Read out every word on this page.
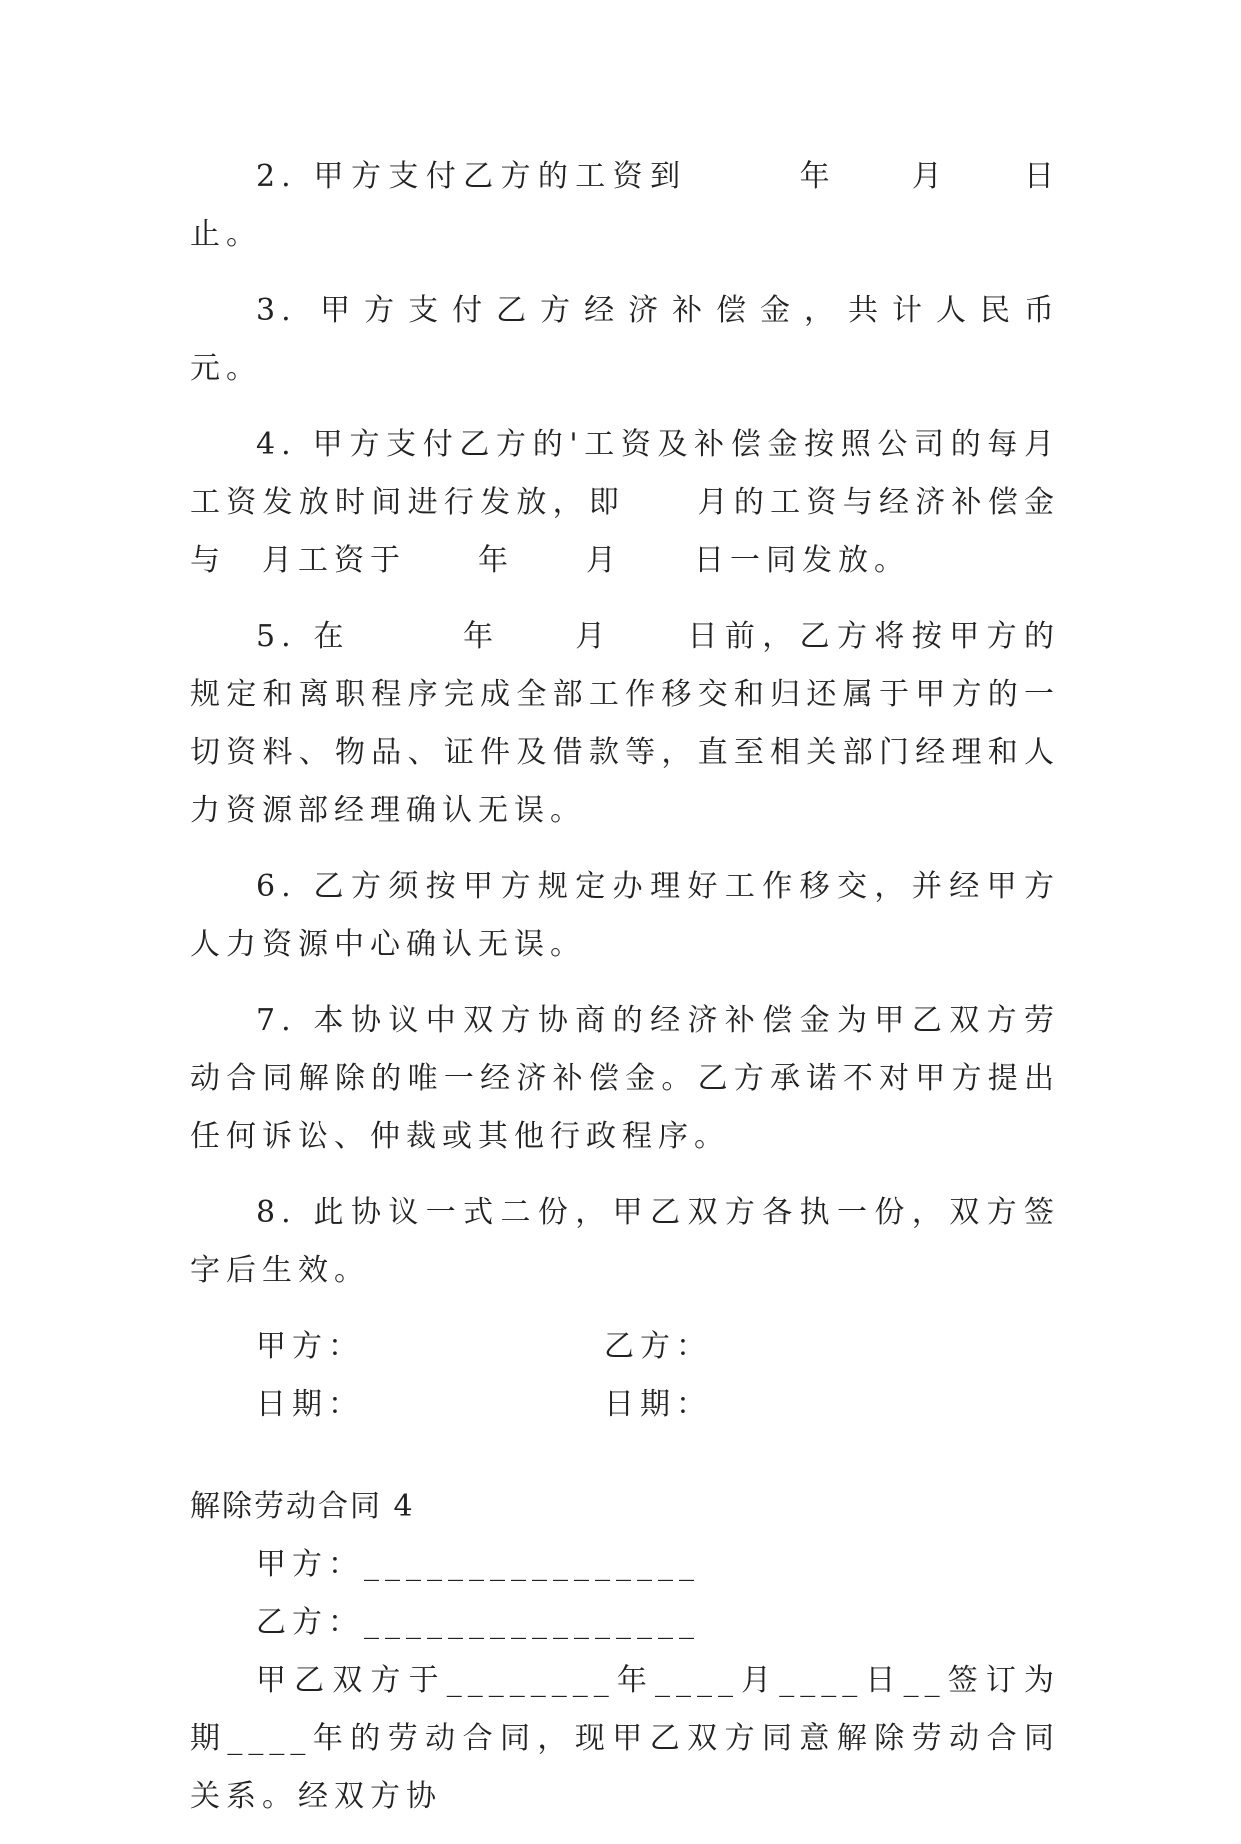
2. 甲方支付乙方的工资到　　　年　　月　　日止。

3. 甲方支付乙方经济补偿金，共计人民币　　　元。

4. 甲方支付乙方的'工资及补偿金按照公司的每月工资发放时间进行发放，即　　月的工资与经济补偿金与　月工资于　　年　　月　　日一同发放。

5. 在　　　年　　月　　日前，乙方将按甲方的规定和离职程序完成全部工作移交和归还属于甲方的一切资料、物品、证件及借款等，直至相关部门经理和人力资源部经理确认无误。

6. 乙方须按甲方规定办理好工作移交，并经甲方人力资源中心确认无误。

7. 本协议中双方协商的经济补偿金为甲乙双方劳动合同解除的唯一经济补偿金。乙方承诺不对甲方提出任何诉讼、仲裁或其他行政程序。

8. 此协议一式二份，甲乙双方各执一份，双方签字后生效。

甲方：	乙方：
日期：	日期：

解除劳动合同 4

甲方：________________

乙方：________________

甲乙双方于________年____月____日__签订为期____年的劳动合同，现甲乙双方同意解除劳动合同关系。经双方协
